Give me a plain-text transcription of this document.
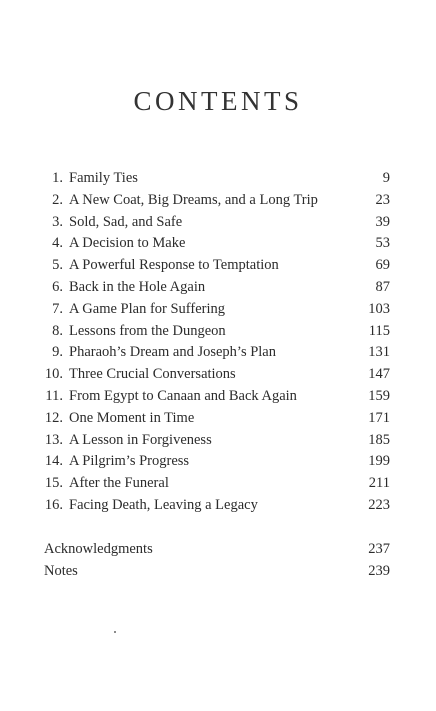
CONTENTS
1. Family Ties	9
2. A New Coat, Big Dreams, and a Long Trip	23
3. Sold, Sad, and Safe	39
4. A Decision to Make	53
5. A Powerful Response to Temptation	69
6. Back in the Hole Again	87
7. A Game Plan for Suffering	103
8. Lessons from the Dungeon	115
9. Pharaoh’s Dream and Joseph’s Plan	131
10. Three Crucial Conversations	147
11. From Egypt to Canaan and Back Again	159
12. One Moment in Time	171
13. A Lesson in Forgiveness	185
14. A Pilgrim’s Progress	199
15. After the Funeral	211
16. Facing Death, Leaving a Legacy	223
Acknowledgments	237
Notes	239
